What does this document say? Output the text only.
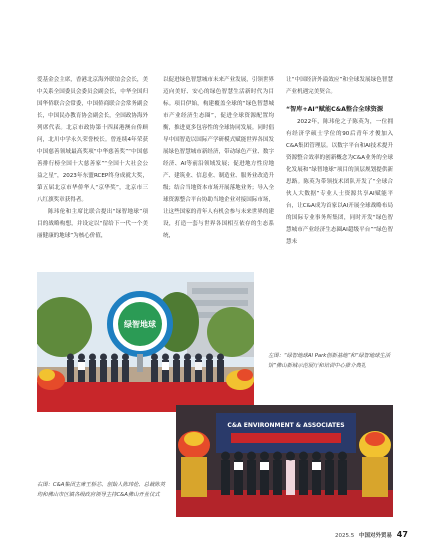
爱基金会主席，香港北京海外联谊会会长，美中关系全国委员会委员会副会长，中华全国归国华侨联合会常委，中国侨商联合会常务副会长，中国民办教育协会副会长，全国政协海外列席代表。北京市政协第十四届港澳台侨顾问，北川中学永久荣誉校长。曾连续4年荣获中国慈善领域最高奖项“中华慈善奖”“中国慈善排行榜全国十大慈善家”“全国十大社会公益之星”，2023年东盟RCEP终身成就大奖，第五届北京市华侨华人“京华奖”，北京市三八红旗奖章获得者。

陈玮伦和主席比联合提出“绿智地球”项目的战略构想，并设定以“留给下一代一个美丽健康的地球”为核心价值，

以促进绿色智慧城市未来产业发展，引领世界迈向美好、安心的绿色智慧生活新时代为目标。项目伊始，构建覆盖全球的“绿色智慧城市产业经济生态圈”，促进全球资源配置均衡，推进更多包容性的全球协同发展。同时倡导中国智造以国际产学研模式赋能世界各国发展绿色智慧城市新经济，带动绿色产业、数字经济、AI等前沿领域发展；促进地方性房地产、建筑业、信息业、制造业、服务业改造升级；结合当地资本市场开展落地业务；导入全球资源整合平台协助当地企业对接国际市场，让这些国家的青年人有机会参与未来世界的建设，打造一套与世界各国相互依存的生态系统，

让“中国经济外溢效应”和全球发展绿色智慧产业机遇完美契合。

“智库+AI”赋能C&A整合全球资源

2022年，陈玮伦之子陈英为，一位拥有经济学硕士学位的90后青年才俊加入C&A集团管理层。以数字平台和AI技术提升资源整合效率的创新概念为C&A业务的全球化发展和“绿智地球”项目的顶层规划提供新思路。陈英为带领技术团队开发了“全球合伙人大数据”专业人士资源共享AI赋能平台，让C&A成为首家以AI开展全球战略布局的国际专业事务所集团，同时开发“绿色智慧城市产业经济生态圈AI超级平台”“绿色智慧未

绿智地球
左图：“绿智地球AI Park创新基地”和“绿智地球生活馆”佛山新城示范展厅和培训中心推介典礼
C&A ENVIRONMENT & ASSOCIATES
右图：C&A集团主席王桥芯、创始人陈玮伦、总裁陈英均和佛山市区镇各级政府领导主持C&A佛山开业仪式
2025.5 中国对外贸易 47
